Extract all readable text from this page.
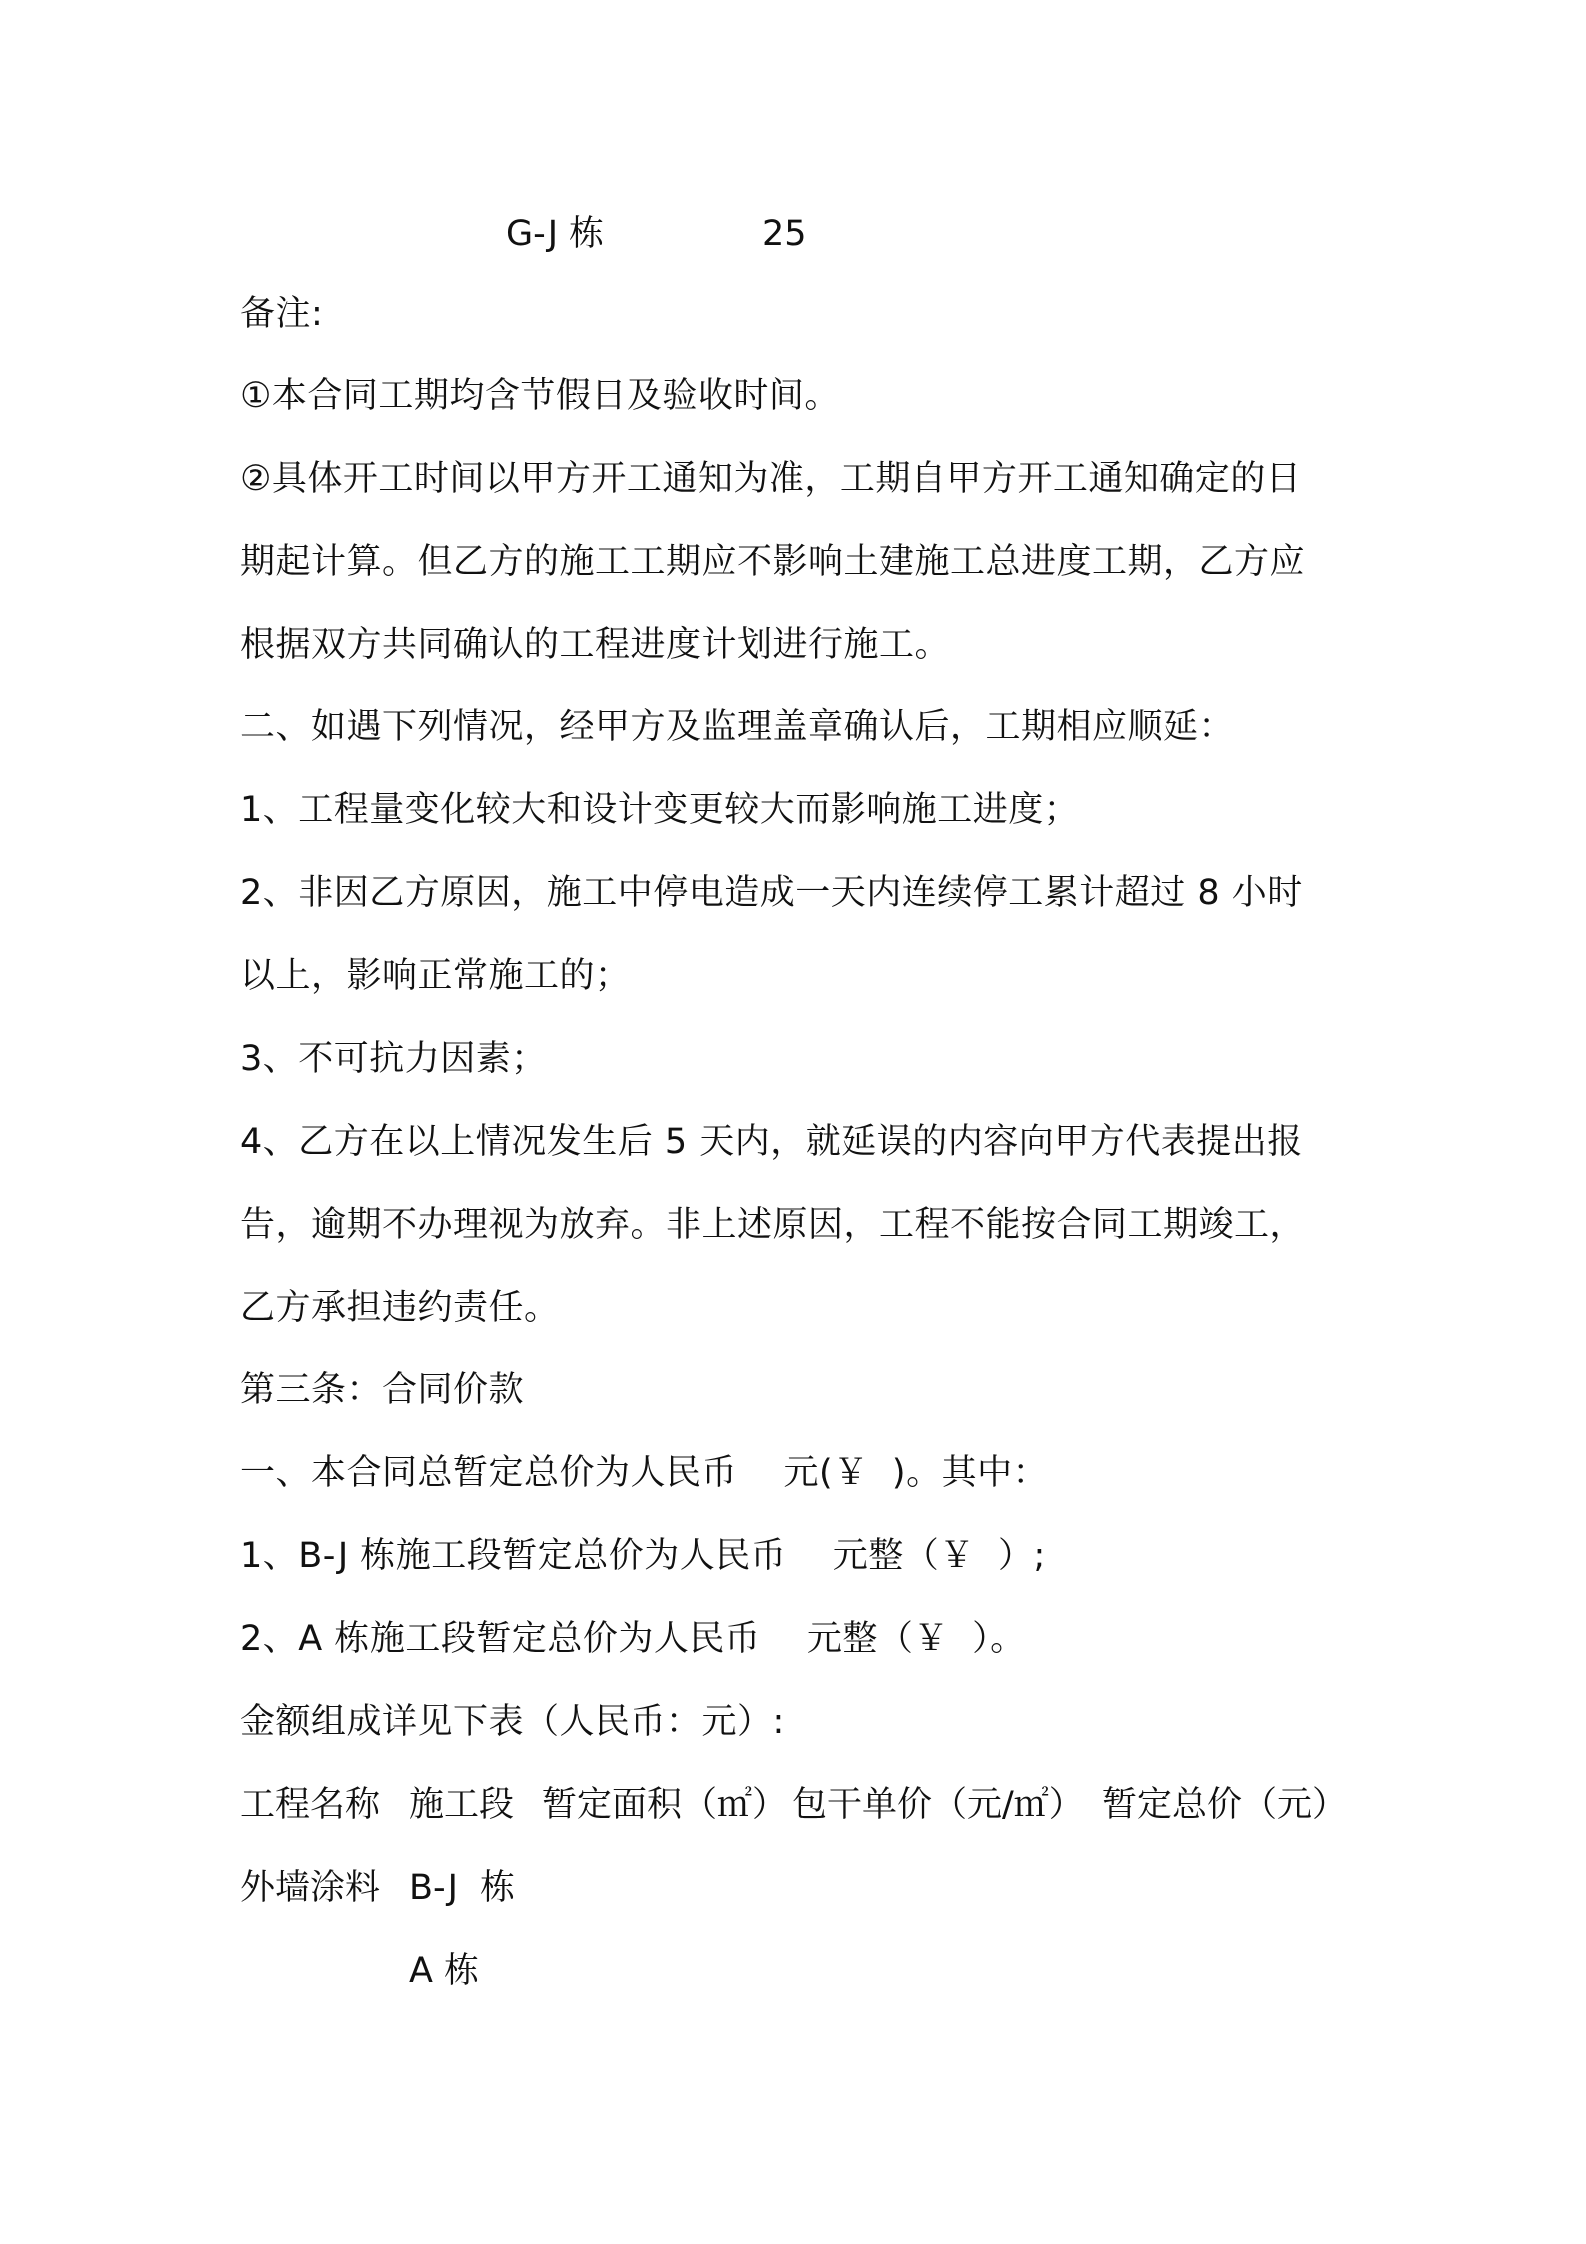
G-J 栋	25
备注:
①本合同工期均含节假日及验收时间。
②具体开工时间以甲方开工通知为准，工期自甲方开工通知确定的日
期起计算。但乙方的施工工期应不影响土建施工总进度工期，乙方应
根据双方共同确认的工程进度计划进行施工。
二、如遇下列情况，经甲方及监理盖章确认后，工期相应顺延：
1、工程量变化较大和设计变更较大而影响施工进度；
2、非因乙方原因，施工中停电造成一天内连续停工累计超过 8 小时
以上，影响正常施工的；
3、不可抗力因素；
4、乙方在以上情况发生后 5 天内，就延误的内容向甲方代表提出报
告，逾期不办理视为放弃。非上述原因，工程不能按合同工期竣工，
乙方承担违约责任。
第三条：合同价款
一、本合同总暂定总价为人民币    元(￥  )。其中：
1、B-J 栋施工段暂定总价为人民币    元整（￥  ）;
2、A 栋施工段暂定总价为人民币    元整（￥  ）。
金额组成详见下表（人民币：元）:
工程名称 施工段 暂定面积（㎡） 包干单价（元/㎡） 暂定总价（元）
外墙涂料 B-J  栋
A 栋
